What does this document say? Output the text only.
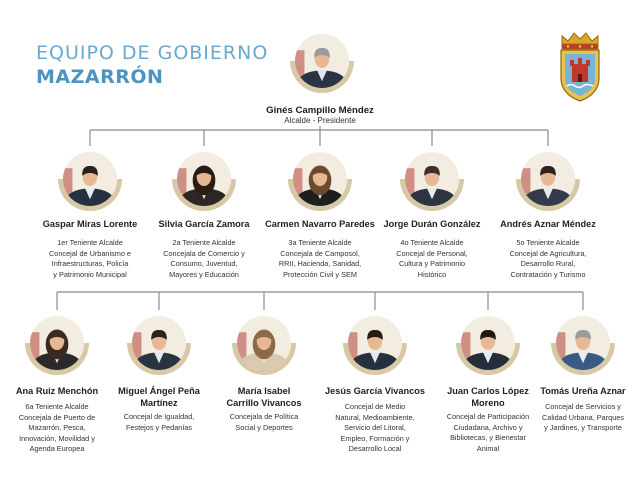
EQUIPO DE GOBIERNO
MAZARRÓN
Ginés Campillo Méndez
Alcalde - Presidente
Gaspar Miras Lorente
1er Teniente Alcalde
Concejal de Urbanismo e
Infraestructuras, Policía
y Patrimonio Municipal
Silvia García Zamora
2a Teniente Alcalde
Concejala de Comercio y
Consumo, Juventud,
Mayores y Educación
Carmen Navarro Paredes
3a Teniente Alcalde
Concejala de Camposol,
RRII, Hacienda, Sanidad,
Protección Civil y SEM
Jorge Durán González
4o Teniente Alcalde
Concejal de Personal,
Cultura y Patrimonio
Histórico
Andrés Aznar Méndez
5o Teniente Alcalde
Concejal de Agricultura,
Desarrollo Rural,
Contratación y Turismo
Ana Ruiz Menchón
6a Teniente Alcalde
Concejala de Puerto de
Mazarrón, Pesca,
Innovación, Movilidad y
Agenda Europea
Miguel Ángel Peña
Martínez
Concejal de Igualdad,
Festejos y Pedanías
María Isabel
Carrillo Vivancos
Concejala de Política
Social y Deportes
Jesús García Vivancos
Concejal de Medio
Natural, Medioambiente,
Servicio del Litoral,
Empleo, Formación y
Desarrollo Local
Juan Carlos López
Moreno
Concejal de Participación
Ciudadana, Archivo y
Bibliotecas, y Bienestar
Animal
Tomás Ureña Aznar
Concejal de Servicios y
Calidad Urbana, Parques
y Jardines, y Transporte
